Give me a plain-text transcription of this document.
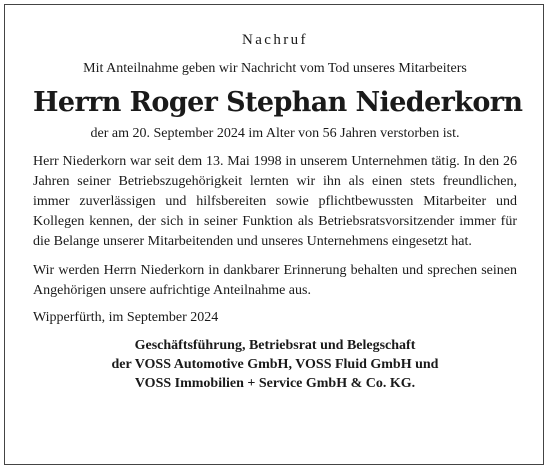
Nachruf
Mit Anteilnahme geben wir Nachricht vom Tod unseres Mitarbeiters
Herrn Roger Stephan Niederkorn
der am 20. September 2024 im Alter von 56 Jahren verstorben ist.

Herr Niederkorn war seit dem 13. Mai 1998 in unserem Unternehmen tätig. In den 26 Jahren seiner Betriebszugehörigkeit lernten wir ihn als einen stets freundlichen, immer zuverlässigen und hilfsbereiten sowie pflichtbewussten Mitarbeiter und Kollegen kennen, der sich in seiner Funktion als Betriebsratsvorsitzender immer für die Belange unserer Mitarbeitenden und unseres Unternehmens eingesetzt hat.

Wir werden Herrn Niederkorn in dankbarer Erinnerung behalten und sprechen seinen Angehörigen unsere aufrichtige Anteilnahme aus.

Wipperfürth, im September 2024
Geschäftsführung, Betriebsrat und Belegschaft
der VOSS Automotive GmbH, VOSS Fluid GmbH und
VOSS Immobilien + Service GmbH & Co. KG.
